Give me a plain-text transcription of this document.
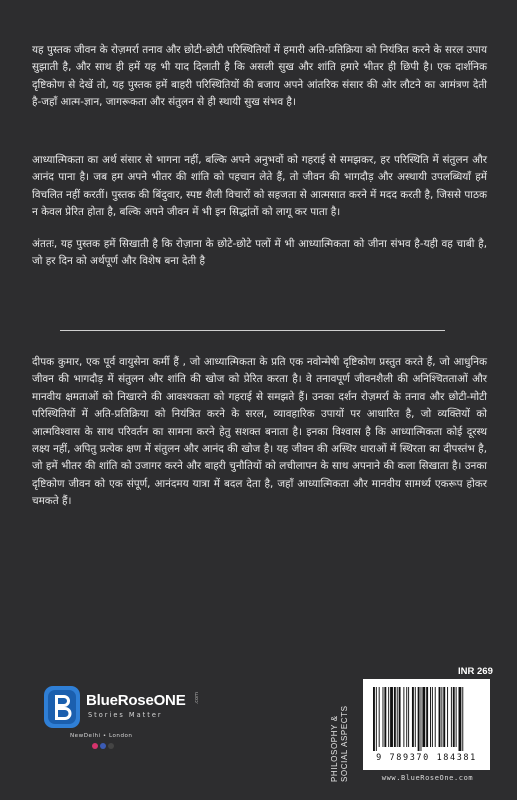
यह पुस्तक जीवन के रोज़मर्रा तनाव और छोटी-छोटी परिस्थितियों में हमारी अति-प्रतिक्रिया को नियंत्रित करने के सरल उपाय सुझाती है, और साथ ही हमें यह भी याद दिलाती है कि असली सुख और शांति हमारे भीतर ही छिपी है। एक दार्शनिक दृष्टिकोण से देखें तो, यह पुस्तक हमें बाहरी परिस्थितियों की बजाय अपने आंतरिक संसार की ओर लौटने का आमंत्रण देती है-जहाँ आत्म-ज्ञान, जागरूकता और संतुलन से ही स्थायी सुख संभव है।

आध्यात्मिकता का अर्थ संसार से भागना नहीं, बल्कि अपने अनुभवों को गहराई से समझकर, हर परिस्थिति में संतुलन और आनंद पाना है। जब हम अपने भीतर की शांति को पहचान लेते हैं, तो जीवन की भागदौड़ और अस्थायी उपलब्धियाँ हमें विचलित नहीं करतीं। पुस्तक की बिंदुवार, स्पष्ट शैली विचारों को सहजता से आत्मसात करने में मदद करती है, जिससे पाठक न केवल प्रेरित होता है, बल्कि अपने जीवन में भी इन सिद्धांतों को लागू कर पाता है।

अंततः, यह पुस्तक हमें सिखाती है कि रोज़ाना के छोटे-छोटे पलों में भी आध्यात्मिकता को जीना संभव है-यही वह चाबी है, जो हर दिन को अर्थपूर्ण और विशेष बना देती है

दीपक कुमार, एक पूर्व वायुसेना कर्मी हैं , जो आध्यात्मिकता के प्रति एक नवोन्मेषी दृष्टिकोण प्रस्तुत करते हैं, जो आधुनिक जीवन की भागदौड़ में संतुलन और शांति की खोज को प्रेरित करता है। वे तनावपूर्ण जीवनशैली की अनिश्चितताओं और मानवीय क्षमताओं को निखारने की आवश्यकता को गहराई से समझते हैं। उनका दर्शन रोज़मर्रा के तनाव और छोटी-मोटी परिस्थितियों में अति-प्रतिक्रिया को नियंत्रित करने के सरल, व्यावहारिक उपायों पर आधारित है, जो व्यक्तियों को आत्मविश्वास के साथ परिवर्तन का सामना करने हेतु सशक्त बनाता है। इनका विश्वास है कि आध्यात्मिकता कोई दूरस्थ लक्ष्य नहीं, अपितु प्रत्येक क्षण में संतुलन और आनंद की खोज है। यह जीवन की अस्थिर धाराओं में स्थिरता का दीपस्तंभ है, जो हमें भीतर की शांति को उजागर करने और बाहरी चुनौतियों को लचीलापन के साथ अपनाने की कला सिखाता है। उनका दृष्टिकोण जीवन को एक संपूर्ण, आनंदमय यात्रा में बदल देता है, जहाँ आध्यात्मिकता और मानवीय सामर्थ्य एकरूप होकर चमकते हैं।

BlueRoseONE .com
Stories Matter
NewDelhi • London	PHILOSOPHY &
SOCIAL ASPECTS
INR 269
9 789370 184381
www.BlueRoseOne.com
